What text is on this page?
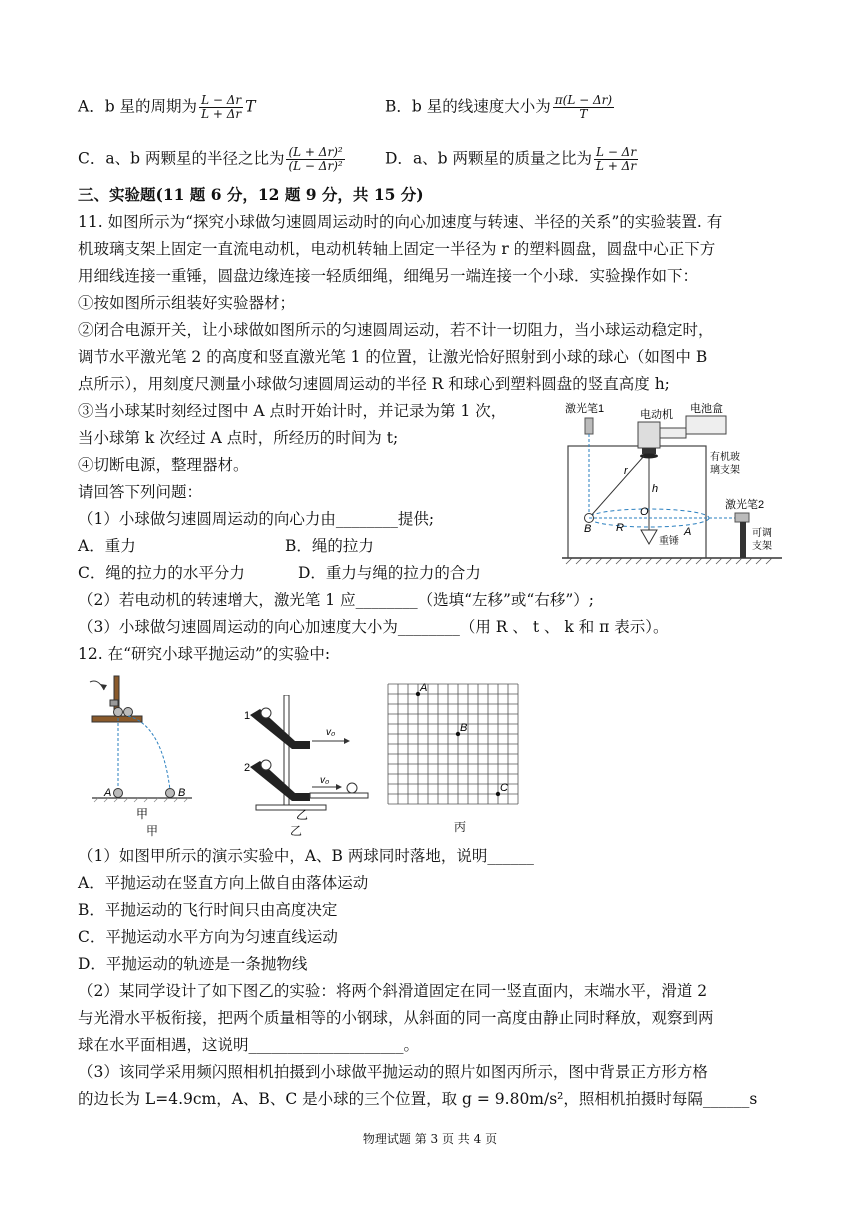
A．b 星的周期为 $\frac{L - \Delta r}{L + \Delta r}$ T	B．b 星的线速度大小为 $\frac{\pi(L - \Delta r)}{T}$
C．a、b 两颗星的半径之比为 $\frac{\text{(L + Δr)²}}{\text{(L − Δr)²}}$	D．a、b 两颗星的质量之比为 $\frac{L - \Delta r}{L + \Delta r}$
三、实验题(11 题 6 分，12 题 9 分，共 15 分)
11. 如图所示为“探究小球做匀速圆周运动时的向心加速度与转速、半径的关系”的实验装置. 有
机玻璃支架上固定一直流电动机，电动机转轴上固定一半径为 r 的塑料圆盘，圆盘中心正下方
用细线连接一重锤，圆盘边缘连接一轻质细绳，细绳另一端连接一个小球．实验操作如下：
①按如图所示组装好实验器材；
②闭合电源开关，让小球做如图所示的匀速圆周运动，若不计一切阻力，当小球运动稳定时，
调节水平激光笔 2 的高度和竖直激光笔 1 的位置，让激光恰好照射到小球的球心（如图中 B
点所示），用刻度尺测量小球做匀速圆周运动的半径 R 和球心到塑料圆盘的竖直高度 h;
③当小球某时刻经过图中 A 点时开始计时，并记录为第 1 次，
当小球第 k 次经过 A 点时，所经历的时间为 t;
④切断电源，整理器材。
请回答下列问题：
（1）小球做匀速圆周运动的向心力由________提供;
A．重力	B．绳的拉力
C．绳的拉力的水平分力	D．重力与绳的拉力的合力
（2）若电动机的转速增大，激光笔 1 应________（选填“左移”或“右移”）;
（3）小球做匀速圆周运动的向心加速度大小为________（用 R 、 t 、 k 和 π 表示）。
激光笔1	电动机 电池盒
r
h
重锤
O
B R	A
有机玻
璃支架
激光笔2
可调
支架
12. 在“研究小球平抛运动”的实验中:
A	B
甲
1
v₀
2
v₀
乙
乙
A
B
C
丙
甲
（1）如图甲所示的演示实验中，A、B 两球同时落地，说明______
A．平抛运动在竖直方向上做自由落体运动
B．平抛运动的飞行时间只由高度决定
C．平抛运动水平方向为匀速直线运动
D．平抛运动的轨迹是一条抛物线
（2）某同学设计了如下图乙的实验：将两个斜滑道固定在同一竖直面内，末端水平，滑道 2
与光滑水平板衔接，把两个质量相等的小钢球，从斜面的同一高度由静止同时释放，观察到两
球在水平面相遇，这说明____________________。
（3）该同学采用频闪照相机拍摄到小球做平抛运动的照片如图丙所示，图中背景正方形方格
的边长为 L=4.9cm，A、B、C 是小球的三个位置，取 g = 9.80m/s²，照相机拍摄时每隔______s
物理试题 第 3 页 共 4 页
